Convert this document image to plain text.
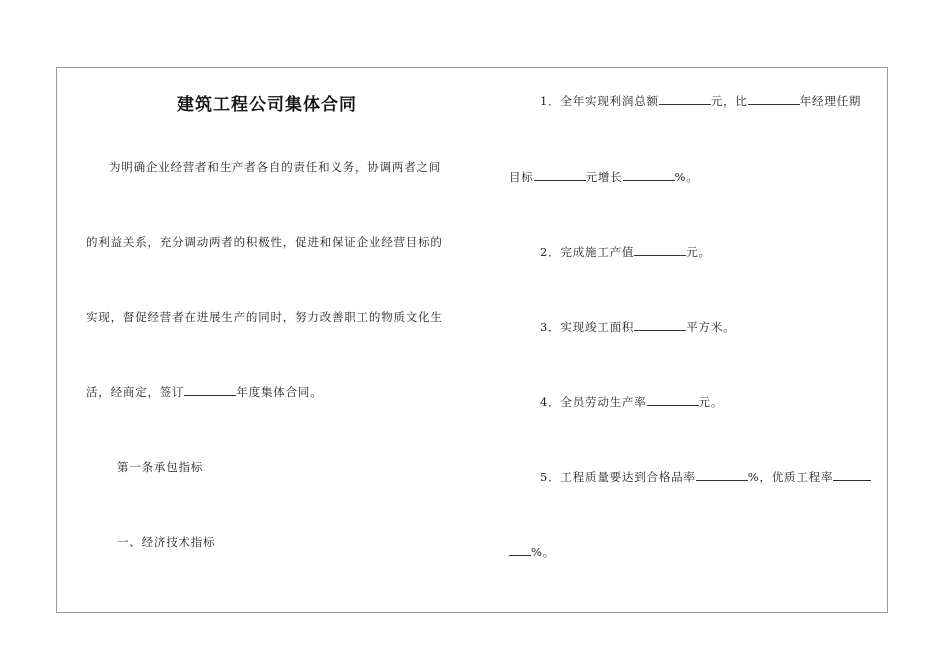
建筑工程公司集体合同
为明确企业经营者和生产者各自的责任和义务，协调两者之间
的利益关系，充分调动两者的积极性，促进和保证企业经营目标的
实现，督促经营者在进展生产的同时，努力改善职工的物质文化生
活，经商定，签订	年度集体合同。
第一条承包指标
一、经济技术指标
1．全年实现利润总额	元，比	年经理任期
目标	元增长	%。
2．完成施工产值	元。
3．实现竣工面积	平方米。
4．全员劳动生产率	元。
5．工程质量要达到合格品率	%，优质工程率
%。
